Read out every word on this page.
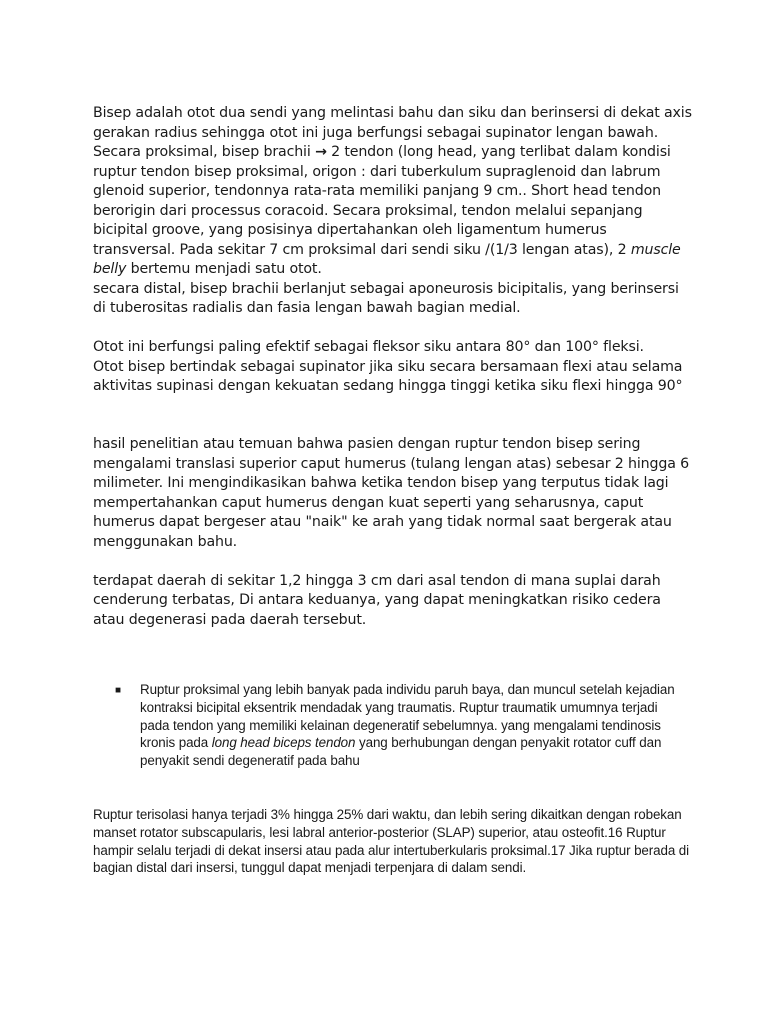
Bisep adalah otot dua sendi yang melintasi bahu dan siku dan berinsersi di dekat axis gerakan radius sehingga otot ini juga berfungsi sebagai supinator lengan bawah. Secara proksimal, bisep brachii → 2 tendon (long head, yang terlibat dalam kondisi ruptur tendon bisep proksimal, origon : dari tuberkulum supraglenoid dan labrum glenoid superior, tendonnya rata-rata memiliki panjang 9 cm.. Short head tendon berorigin dari processus coracoid. Secara proksimal, tendon melalui sepanjang bicipital groove, yang posisinya dipertahankan oleh ligamentum humerus transversal. Pada sekitar 7 cm proksimal dari sendi siku /(1/3 lengan atas), 2 muscle belly bertemu menjadi satu otot.

secara distal, bisep brachii berlanjut sebagai aponeurosis bicipitalis, yang berinsersi di tuberositas radialis dan fasia lengan bawah bagian medial.

Otot ini berfungsi paling efektif sebagai fleksor siku antara 80° dan 100° fleksi.

Otot bisep bertindak sebagai supinator jika siku secara bersamaan flexi atau selama aktivitas supinasi dengan kekuatan sedang hingga tinggi ketika siku flexi hingga 90°

hasil penelitian atau temuan bahwa pasien dengan ruptur tendon bisep sering mengalami translasi superior caput humerus (tulang lengan atas) sebesar 2 hingga 6 milimeter. Ini mengindikasikan bahwa ketika tendon bisep yang terputus tidak lagi mempertahankan caput humerus dengan kuat seperti yang seharusnya, caput humerus dapat bergeser atau "naik" ke arah yang tidak normal saat bergerak atau menggunakan bahu.

terdapat daerah di sekitar 1,2 hingga 3 cm dari asal tendon di mana suplai darah cenderung terbatas, Di antara keduanya, yang dapat meningkatkan risiko cedera atau degenerasi pada daerah tersebut.

■ Ruptur proksimal yang lebih banyak pada individu paruh baya, dan muncul setelah kejadian kontraksi bicipital eksentrik mendadak yang traumatis. Ruptur traumatik umumnya terjadi pada tendon yang memiliki kelainan degeneratif sebelumnya. yang mengalami tendinosis kronis pada long head biceps tendon yang berhubungan dengan penyakit rotator cuff dan penyakit sendi degeneratif pada bahu

Ruptur terisolasi hanya terjadi 3% hingga 25% dari waktu, dan lebih sering dikaitkan dengan robekan manset rotator subscapularis, lesi labral anterior-posterior (SLAP) superior, atau osteofit.16 Ruptur hampir selalu terjadi di dekat insersi atau pada alur intertuberkularis proksimal.17 Jika ruptur berada di bagian distal dari insersi, tunggul dapat menjadi terpenjara di dalam sendi.
